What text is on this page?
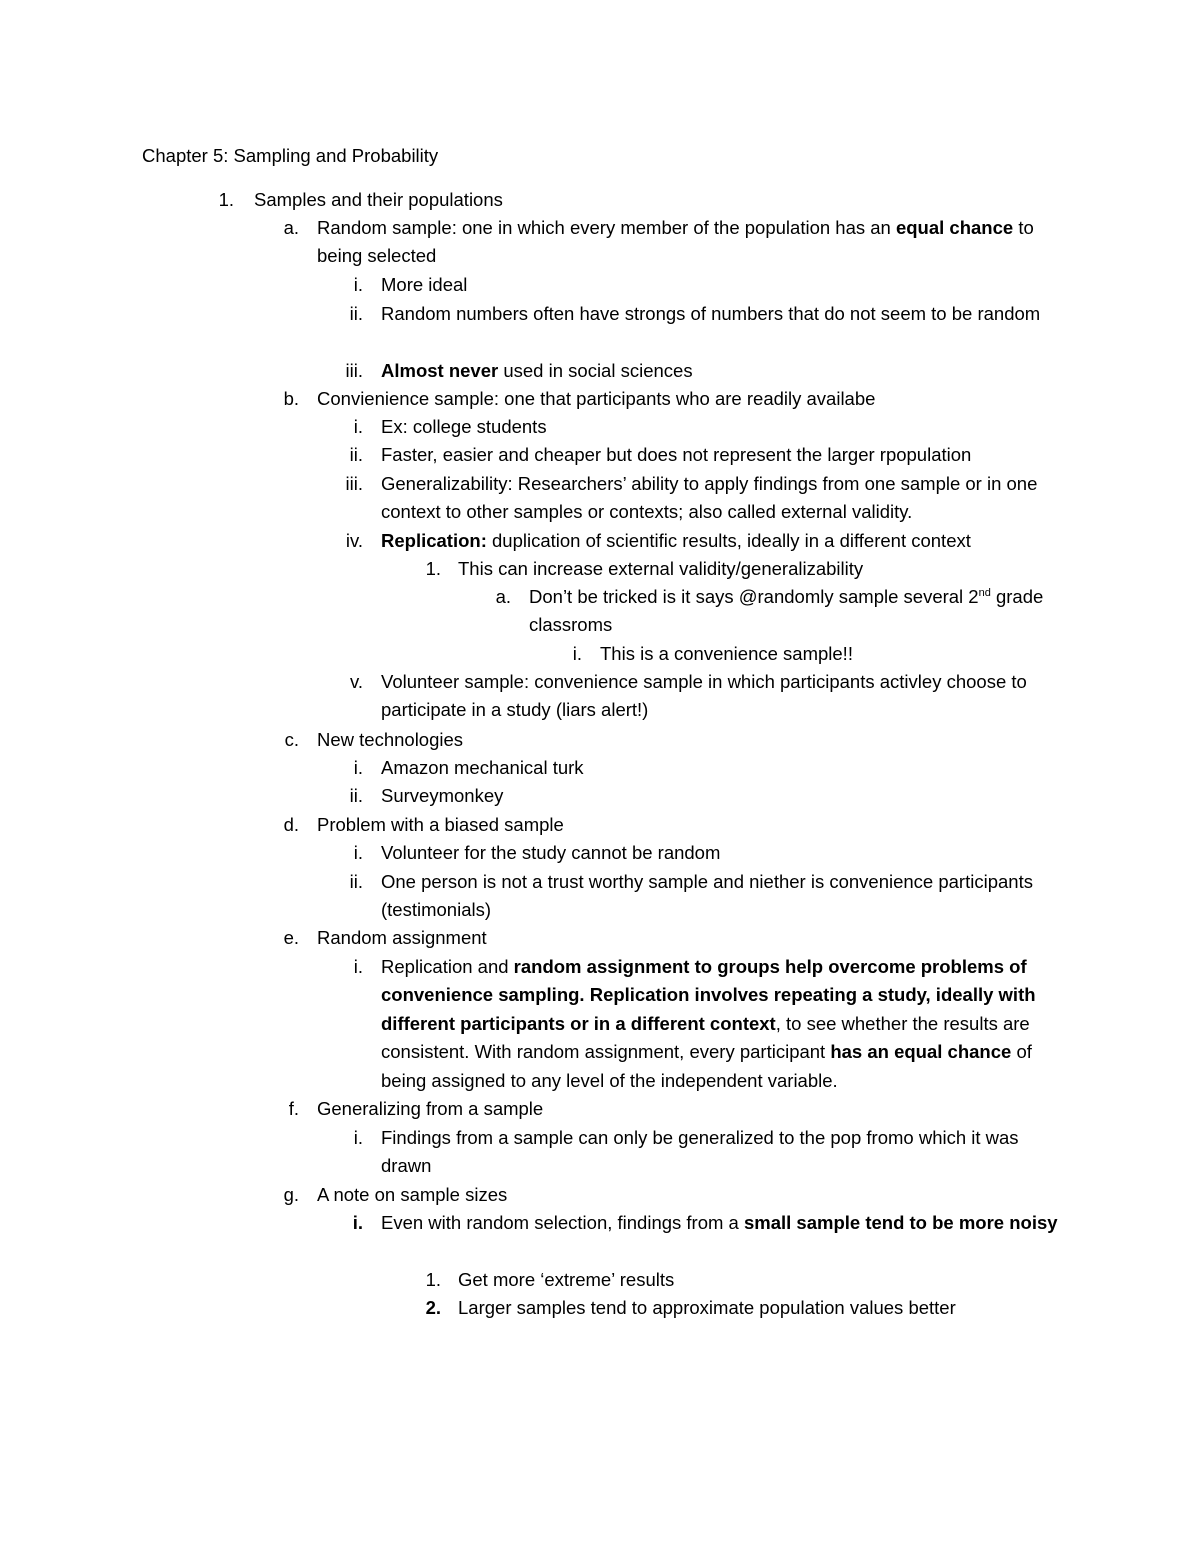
Chapter 5: Sampling and Probability
1. Samples and their populations
a. Random sample: one in which every member of the population has an equal chance to being selected
i. More ideal
ii. Random numbers often have strongs of numbers that do not seem to be random
iii. Almost never used in social sciences
b. Convienience sample: one that participants who are readily availabe
i. Ex: college students
ii. Faster, easier and cheaper but does not represent the larger rpopulation
iii. Generalizability: Researchers’ ability to apply findings from one sample or in one context to other samples or contexts; also called external validity.
iv. Replication: duplication of scientific results, ideally in a different context
1. This can increase external validity/generalizability
a. Don’t be tricked is it says @randomly sample several 2nd grade classroms
i. This is a convenience sample!!
v. Volunteer sample: convenience sample in which participants activley choose to participate in a study (liars alert!)
c. New technologies
i. Amazon mechanical turk
ii. Surveymonkey
d. Problem with a biased sample
i. Volunteer for the study cannot be random
ii. One person is not a trust worthy sample and niether is convenience participants (testimonials)
e. Random assignment
i. Replication and random assignment to groups help overcome problems of convenience sampling. Replication involves repeating a study, ideally with different participants or in a different context, to see whether the results are consistent. With random assignment, every participant has an equal chance of being assigned to any level of the independent variable.
f. Generalizing from a sample
i. Findings from a sample can only be generalized to the pop fromo which it was drawn
g. A note on sample sizes
i. Even with random selection, findings from a small sample tend to be more noisy
1. Get more ‘extreme’ results
2. Larger samples tend to approximate population values better
